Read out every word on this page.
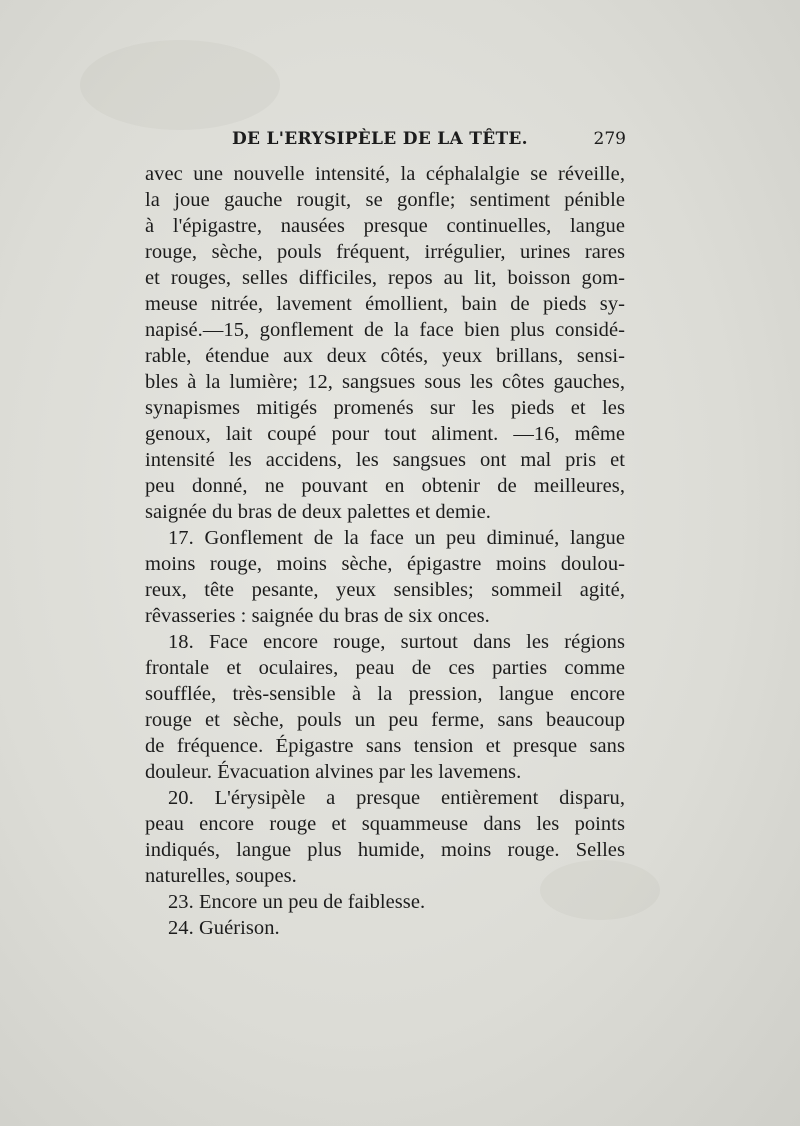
DE L'ERYSIPÈLE DE LA TÊTE.	279
avec une nouvelle intensité, la céphalalgie se réveille,
la joue gauche rougit, se gonfle; sentiment pénible
à l'épigastre, nausées presque continuelles, langue
rouge, sèche, pouls fréquent, irrégulier, urines rares
et rouges, selles difficiles, repos au lit, boisson gom-
meuse nitrée, lavement émollient, bain de pieds sy-
napisé.—15, gonflement de la face bien plus considé-
rable, étendue aux deux côtés, yeux brillans, sensi-
bles à la lumière; 12, sangsues sous les côtes gauches,
synapismes mitigés promenés sur les pieds et les
genoux, lait coupé pour tout aliment. —16, même
intensité les accidens, les sangsues ont mal pris et
peu donné, ne pouvant en obtenir de meilleures,
saignée du bras de deux palettes et demie.
17. Gonflement de la face un peu diminué, langue
moins rouge, moins sèche, épigastre moins doulou-
reux, tête pesante, yeux sensibles; sommeil agité,
rêvasseries : saignée du bras de six onces.
18. Face encore rouge, surtout dans les régions
frontale et oculaires, peau de ces parties comme
soufflée, très-sensible à la pression, langue encore
rouge et sèche, pouls un peu ferme, sans beaucoup
de fréquence. Épigastre sans tension et presque sans
douleur. Évacuation alvines par les lavemens.
20. L'érysipèle a presque entièrement disparu,
peau encore rouge et squammeuse dans les points
indiqués, langue plus humide, moins rouge. Selles
naturelles, soupes.
23. Encore un peu de faiblesse.
24. Guérison.
